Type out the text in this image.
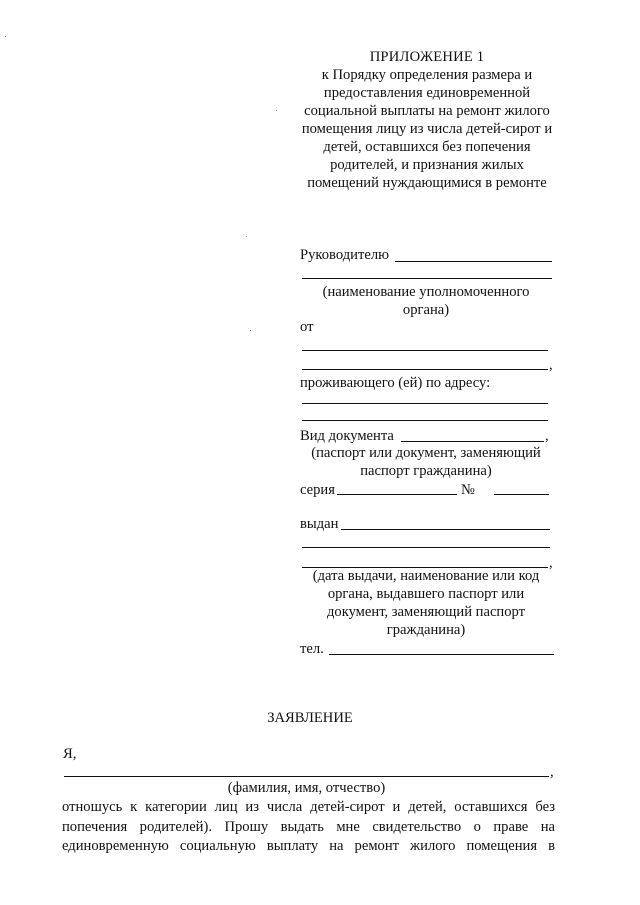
ПРИЛОЖЕНИЕ 1
к Порядку определения размера и
предоставления единовременной
социальной выплаты на ремонт жилого
помещения лицу из числа детей-сирот и
детей, оставшихся без попечения
родителей, и признания жилых
помещений нуждающимися в ремонте
Руководителю
(наименование уполномоченного
органа)
от
,
проживающего (ей) по адресу:
Вид документа	,
(паспорт или документ, заменяющий
паспорт гражданина)
серия	№
выдан
,
(дата выдачи, наименование или код
органа, выдавшего паспорт или
документ, заменяющий паспорт
гражданина)
тел.
ЗАЯВЛЕНИЕ
Я,
,
(фамилия, имя, отчество)
отношусь к категории лиц из числа детей-сирот и детей, оставшихся без
попечения родителей). Прошу выдать мне свидетельство о праве на
единовременную социальную выплату на ремонт жилого помещения в
